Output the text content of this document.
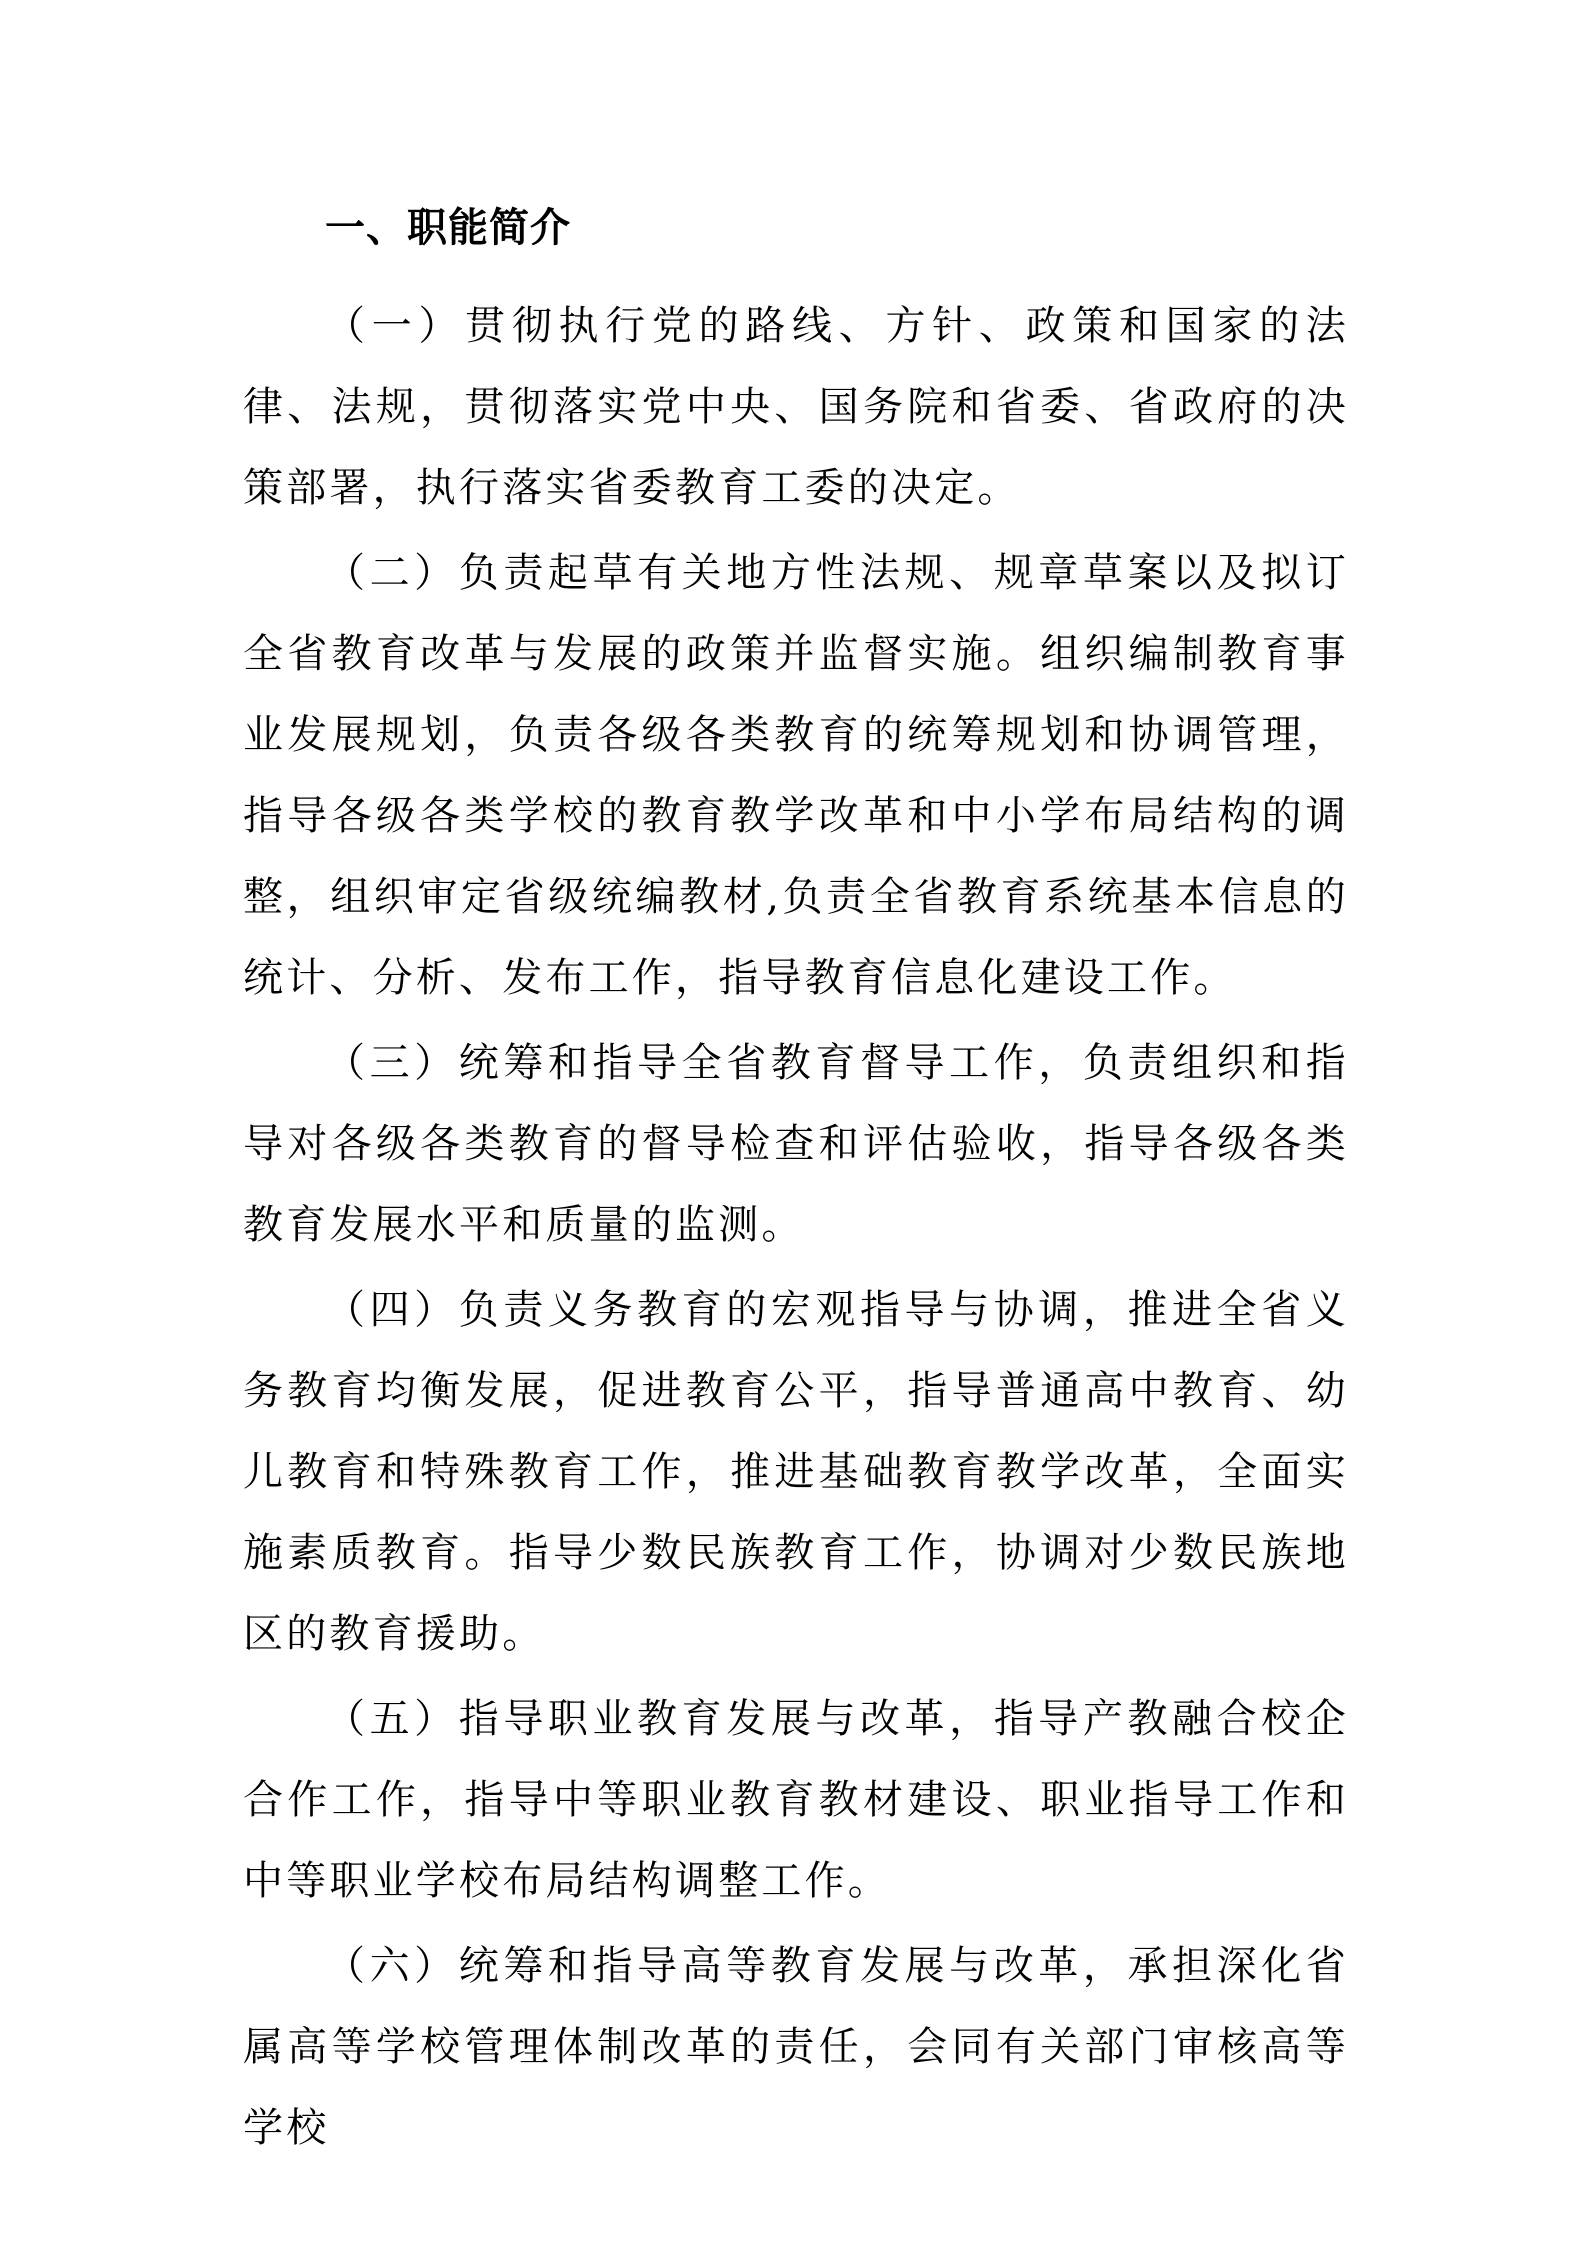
一、职能简介

（一）贯彻执行党的路线、方针、政策和国家的法律、法规，贯彻落实党中央、国务院和省委、省政府的决策部署，执行落实省委教育工委的决定。

（二）负责起草有关地方性法规、规章草案以及拟订全省教育改革与发展的政策并监督实施。组织编制教育事业发展规划，负责各级各类教育的统筹规划和协调管理，指导各级各类学校的教育教学改革和中小学布局结构的调整，组织审定省级统编教材,负责全省教育系统基本信息的统计、分析、发布工作，指导教育信息化建设工作。

（三）统筹和指导全省教育督导工作，负责组织和指导对各级各类教育的督导检查和评估验收，指导各级各类教育发展水平和质量的监测。

（四）负责义务教育的宏观指导与协调，推进全省义务教育均衡发展，促进教育公平，指导普通高中教育、幼儿教育和特殊教育工作，推进基础教育教学改革，全面实施素质教育。指导少数民族教育工作，协调对少数民族地区的教育援助。

（五）指导职业教育发展与改革，指导产教融合校企合作工作，指导中等职业教育教材建设、职业指导工作和中等职业学校布局结构调整工作。

（六）统筹和指导高等教育发展与改革，承担深化省属高等学校管理体制改革的责任，会同有关部门审核高等学校
